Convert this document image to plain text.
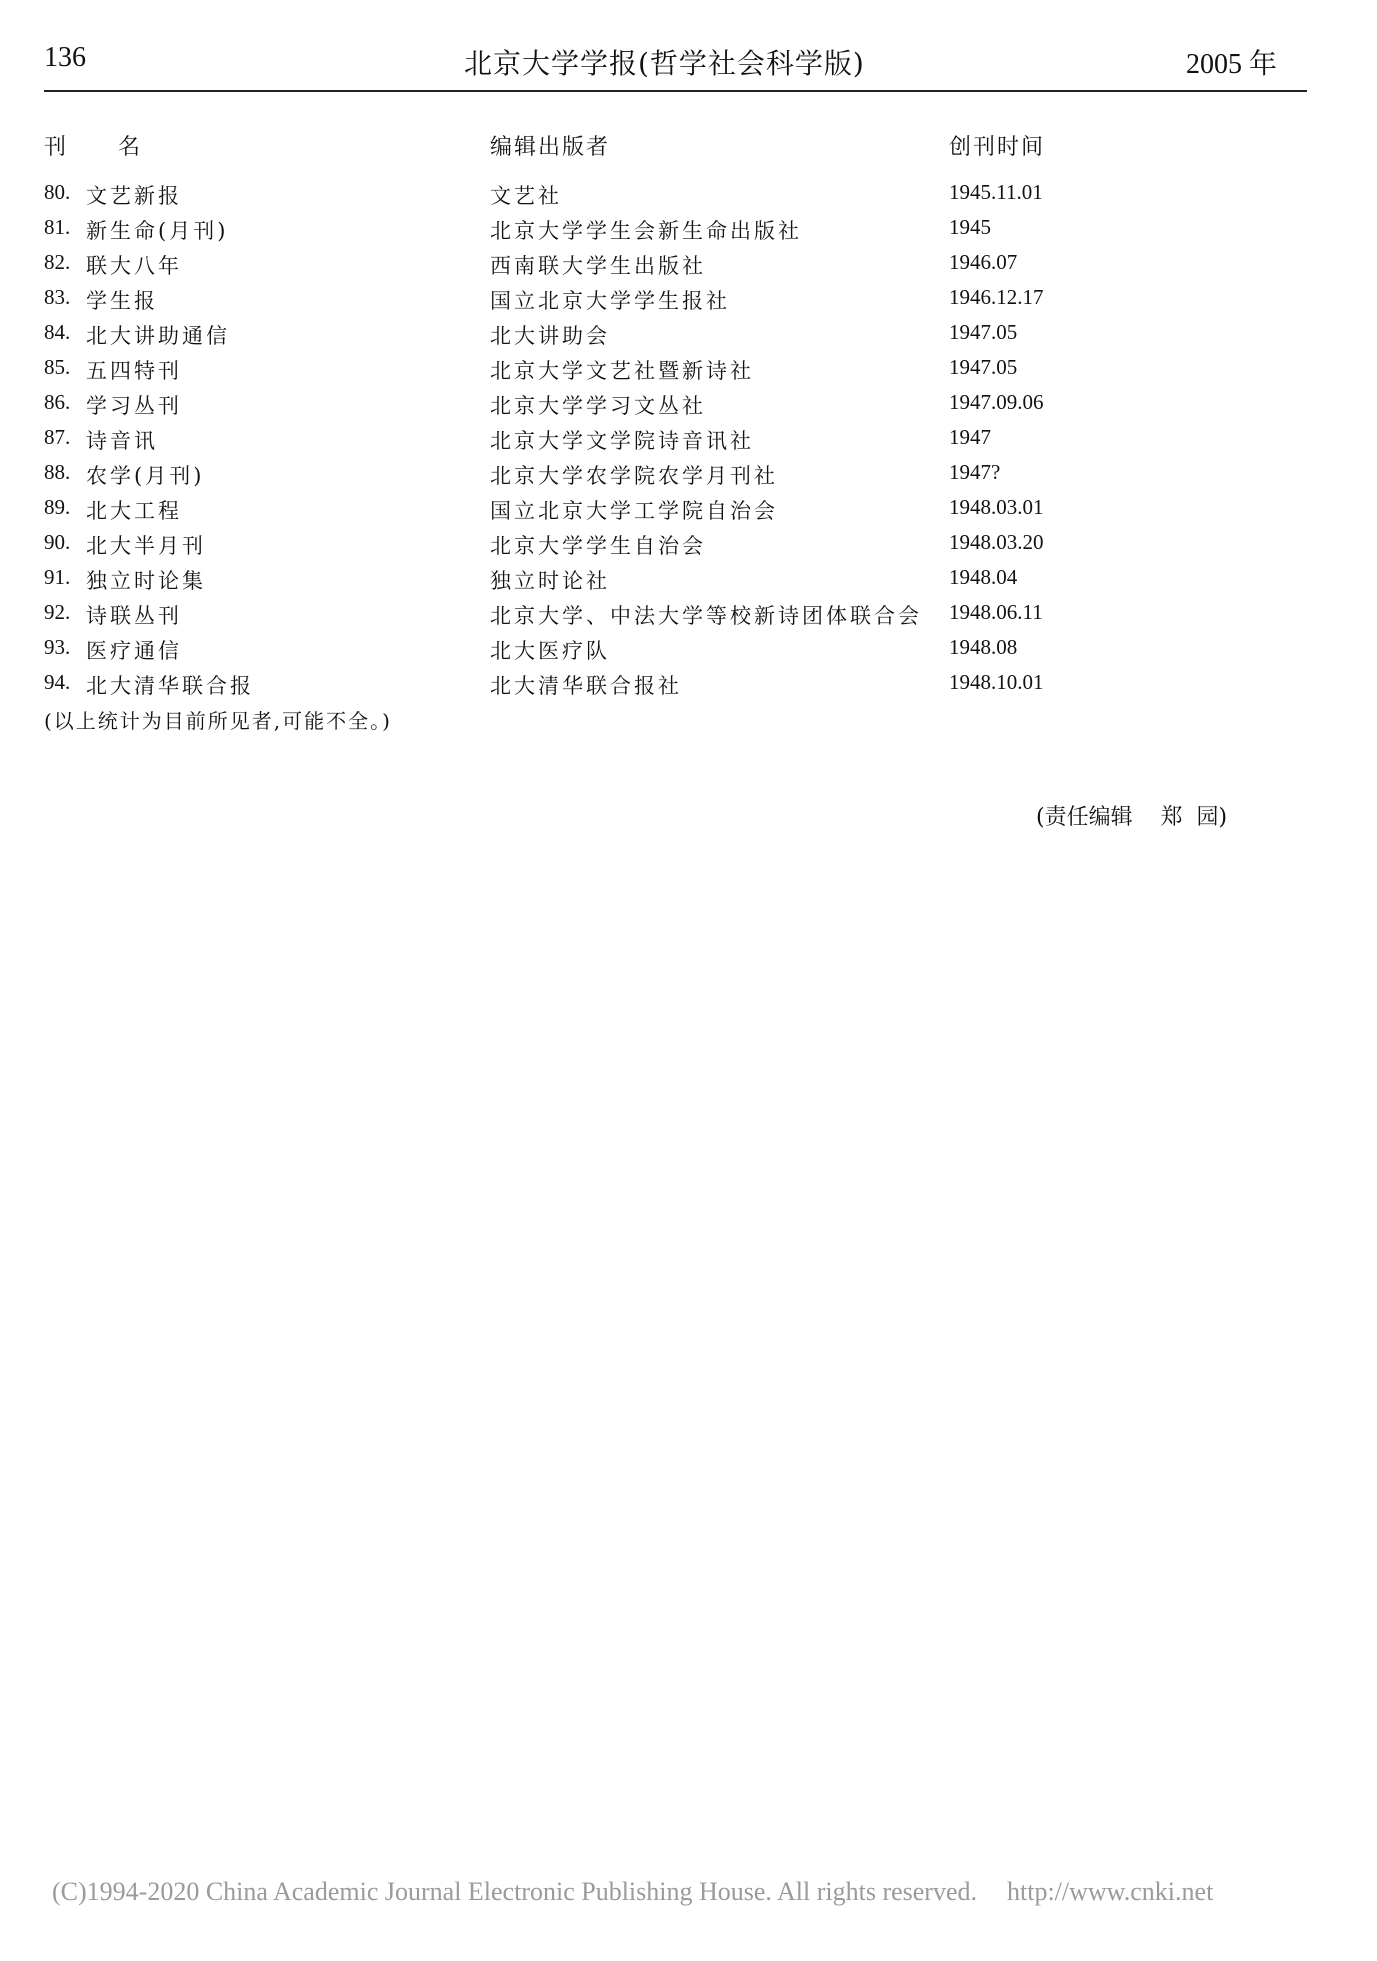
136	北京大学学报(哲学社会科学版)	2005 年
刊 名	编辑出版者	创刊时间
80. 文艺新报	文艺社	1945.11.01
81. 新生命(月刊)	北京大学学生会新生命出版社	1945
82. 联大八年	西南联大学生出版社	1946.07
83. 学生报	国立北京大学学生报社	1946.12.17
84. 北大讲助通信	北大讲助会	1947.05
85. 五四特刊	北京大学文艺社暨新诗社	1947.05
86. 学习丛刊	北京大学学习文丛社	1947.09.06
87. 诗音讯	北京大学文学院诗音讯社	1947
88. 农学(月刊)	北京大学农学院农学月刊社	1947?
89. 北大工程	国立北京大学工学院自治会	1948.03.01
90. 北大半月刊	北京大学学生自治会	1948.03.20
91. 独立时论集	独立时论社	1948.04
92. 诗联丛刊	北京大学、中法大学等校新诗团体联合会 1948.06.11
93. 医疗通信	北大医疗队	1948.08
94. 北大清华联合报	北大清华联合报社	1948.10.01
(以上统计为目前所见者,可能不全。)
(责任编辑    郑  园)
(C)1994-2020 China Academic Journal Electronic Publishing House. All rights reserved. http://www.cnki.net
